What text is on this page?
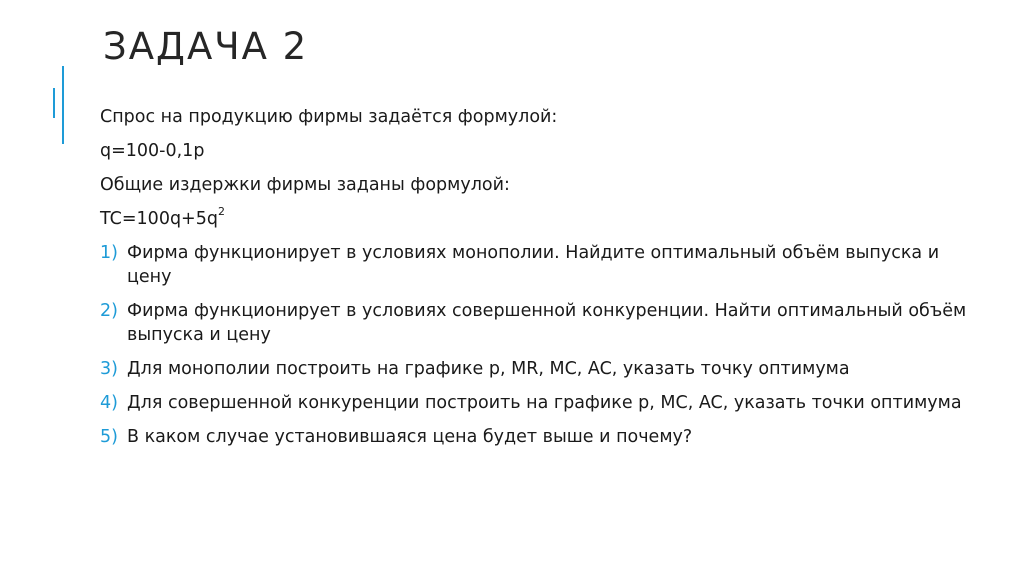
ЗАДАЧА 2

Спрос на продукцию фирмы задаётся формулой:

q=100-0,1p

Общие издержки фирмы заданы формулой:

$TC=100q+5q^2$

1) Фирма функционирует в условиях монополии. Найдите оптимальный объём выпуска и цену
2) Фирма функционирует в условиях совершенной конкуренции. Найти оптимальный объём выпуска и цену
3) Для монополии построить на графике p, MR, MC, AC, указать точку оптимума
4) Для совершенной конкуренции построить на графике p, MC, AC, указать точки оптимума
5) В каком случае установившаяся цена будет выше и почему?
